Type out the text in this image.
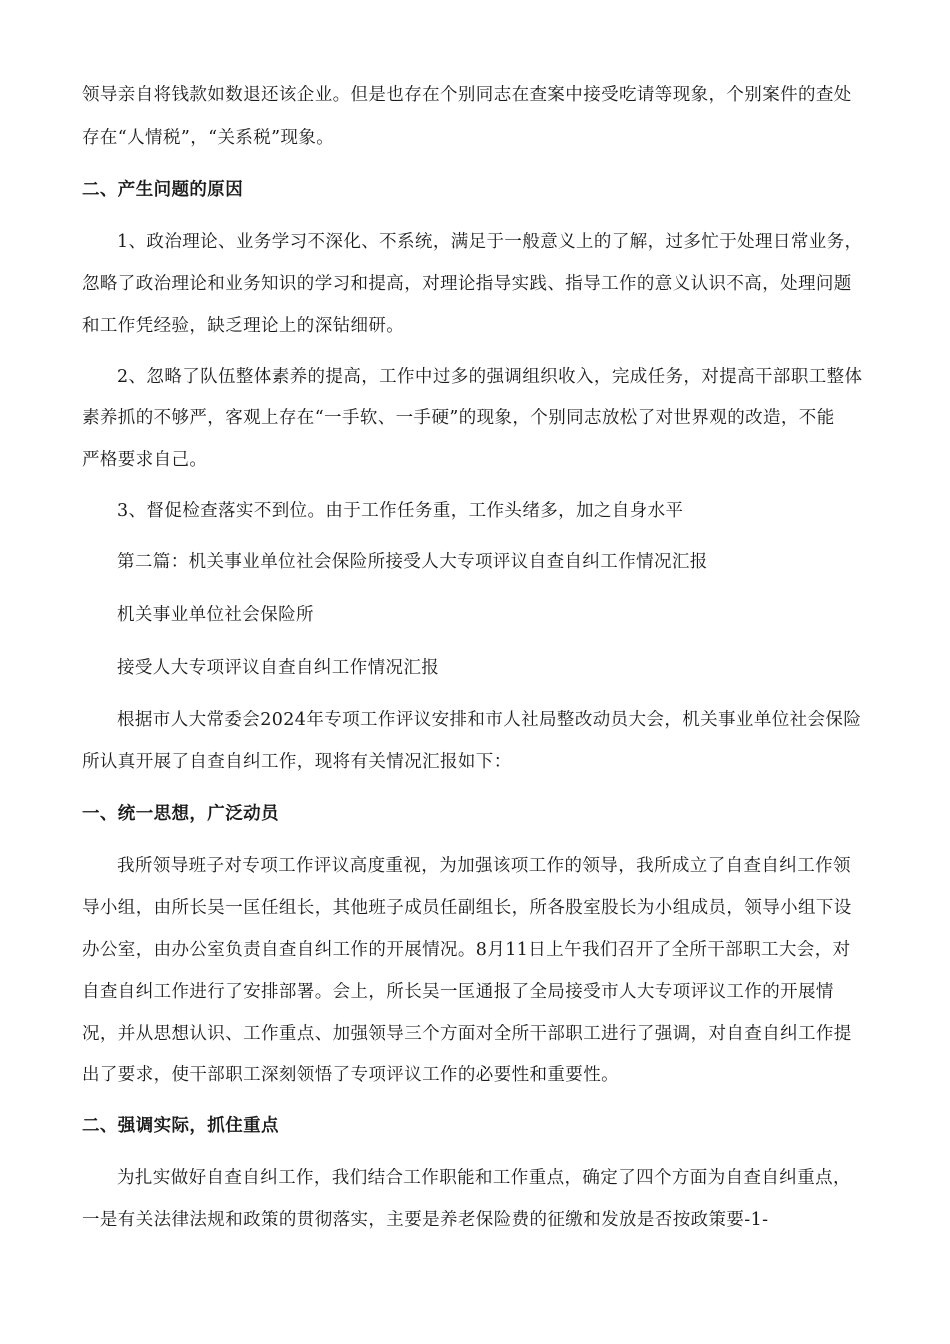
领导亲自将钱款如数退还该企业。但是也存在个别同志在查案中接受吃请等现象，个别案件的查处
存在“人情税”，“关系税”现象。
二、产生问题的原因
1、政治理论、业务学习不深化、不系统，满足于一般意义上的了解，过多忙于处理日常业务，
忽略了政治理论和业务知识的学习和提高，对理论指导实践、指导工作的意义认识不高，处理问题
和工作凭经验，缺乏理论上的深钻细研。
2、忽略了队伍整体素养的提高，工作中过多的强调组织收入，完成任务，对提高干部职工整体
素养抓的不够严，客观上存在“一手软、一手硬”的现象，个别同志放松了对世界观的改造，不能
严格要求自己。
3、督促检查落实不到位。由于工作任务重，工作头绪多，加之自身水平
第二篇：机关事业单位社会保险所接受人大专项评议自查自纠工作情况汇报
机关事业单位社会保险所
接受人大专项评议自查自纠工作情况汇报
根据市人大常委会2024年专项工作评议安排和市人社局整改动员大会，机关事业单位社会保险
所认真开展了自查自纠工作，现将有关情况汇报如下：
一、统一思想，广泛动员
我所领导班子对专项工作评议高度重视，为加强该项工作的领导，我所成立了自查自纠工作领
导小组，由所长吴一匡任组长，其他班子成员任副组长，所各股室股长为小组成员，领导小组下设
办公室，由办公室负责自查自纠工作的开展情况。8月11日上午我们召开了全所干部职工大会，对
自查自纠工作进行了安排部署。会上，所长吴一匡通报了全局接受市人大专项评议工作的开展情
况，并从思想认识、工作重点、加强领导三个方面对全所干部职工进行了强调，对自查自纠工作提
出了要求，使干部职工深刻领悟了专项评议工作的必要性和重要性。
二、强调实际，抓住重点
为扎实做好自查自纠工作，我们结合工作职能和工作重点，确定了四个方面为自查自纠重点，
一是有关法律法规和政策的贯彻落实，主要是养老保险费的征缴和发放是否按政策要-1-
